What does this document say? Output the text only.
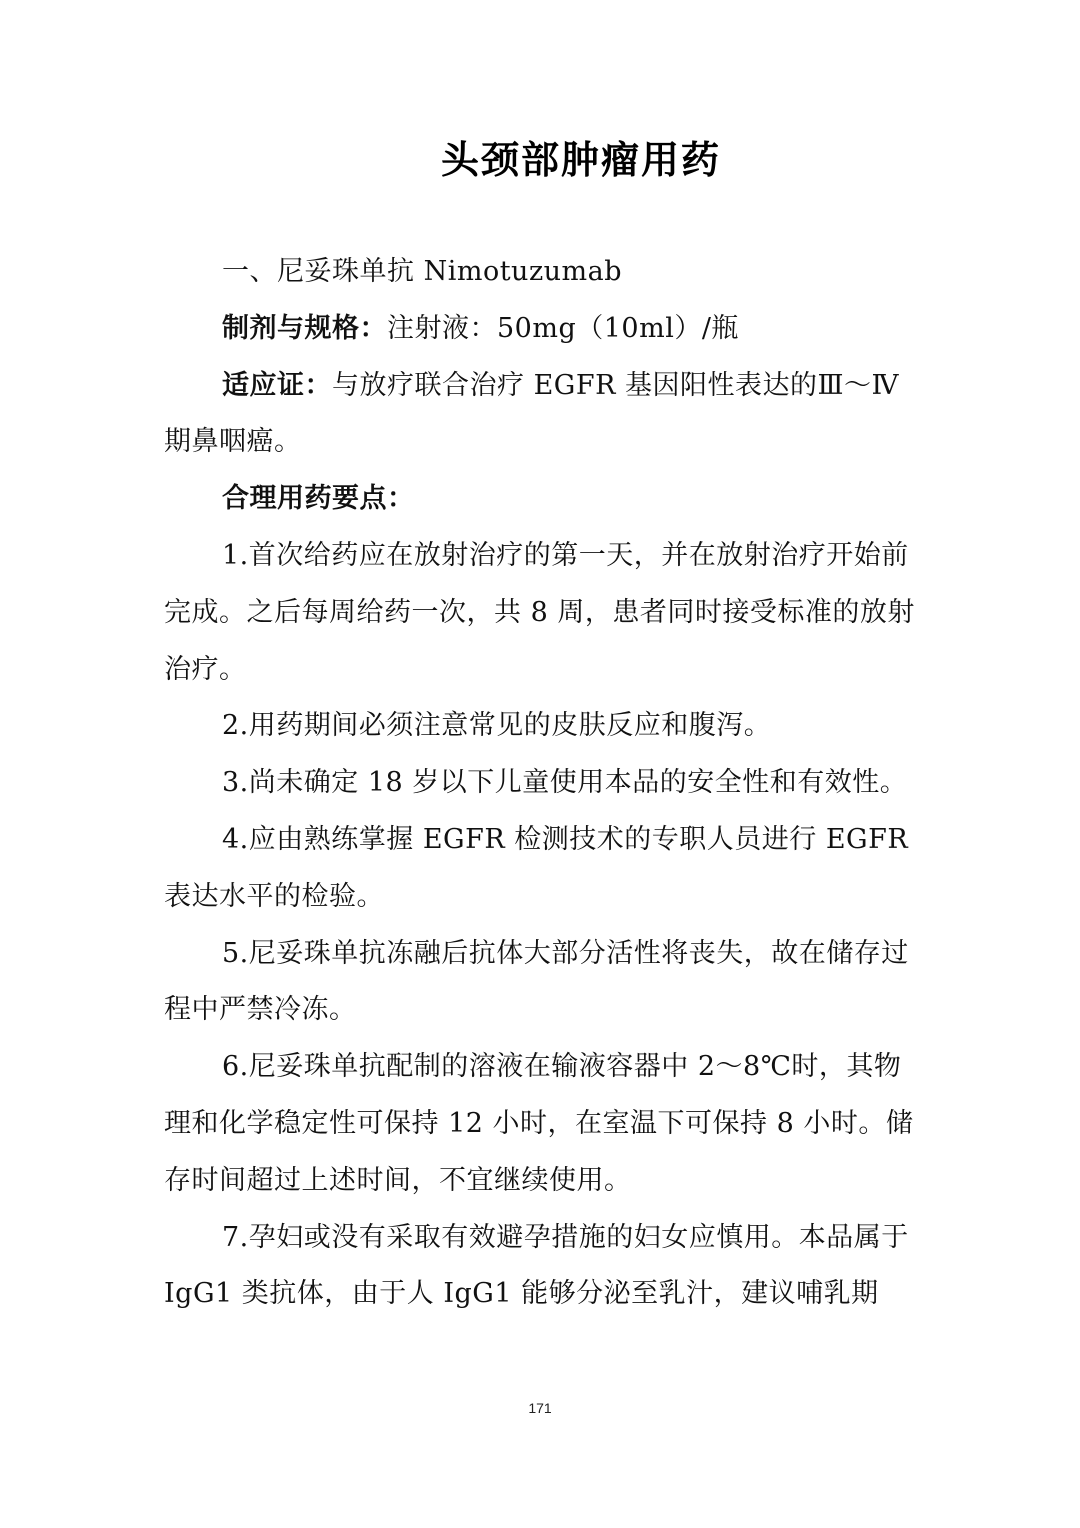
头颈部肿瘤用药

一、尼妥珠单抗 Nimotuzumab

制剂与规格：注射液：50mg（10ml）/瓶

适应证：与放疗联合治疗 EGFR 基因阳性表达的Ⅲ～Ⅳ期鼻咽癌。

合理用药要点：

1.首次给药应在放射治疗的第一天，并在放射治疗开始前完成。之后每周给药一次，共 8 周，患者同时接受标准的放射治疗。

2.用药期间必须注意常见的皮肤反应和腹泻。

3.尚未确定 18 岁以下儿童使用本品的安全性和有效性。

4.应由熟练掌握 EGFR 检测技术的专职人员进行 EGFR 表达水平的检验。

5.尼妥珠单抗冻融后抗体大部分活性将丧失，故在储存过程中严禁冷冻。

6.尼妥珠单抗配制的溶液在输液容器中 2～8℃时，其物理和化学稳定性可保持 12 小时，在室温下可保持 8 小时。储存时间超过上述时间，不宜继续使用。

7.孕妇或没有采取有效避孕措施的妇女应慎用。本品属于 IgG1 类抗体，由于人 IgG1 能够分泌至乳汁，建议哺乳期

171
